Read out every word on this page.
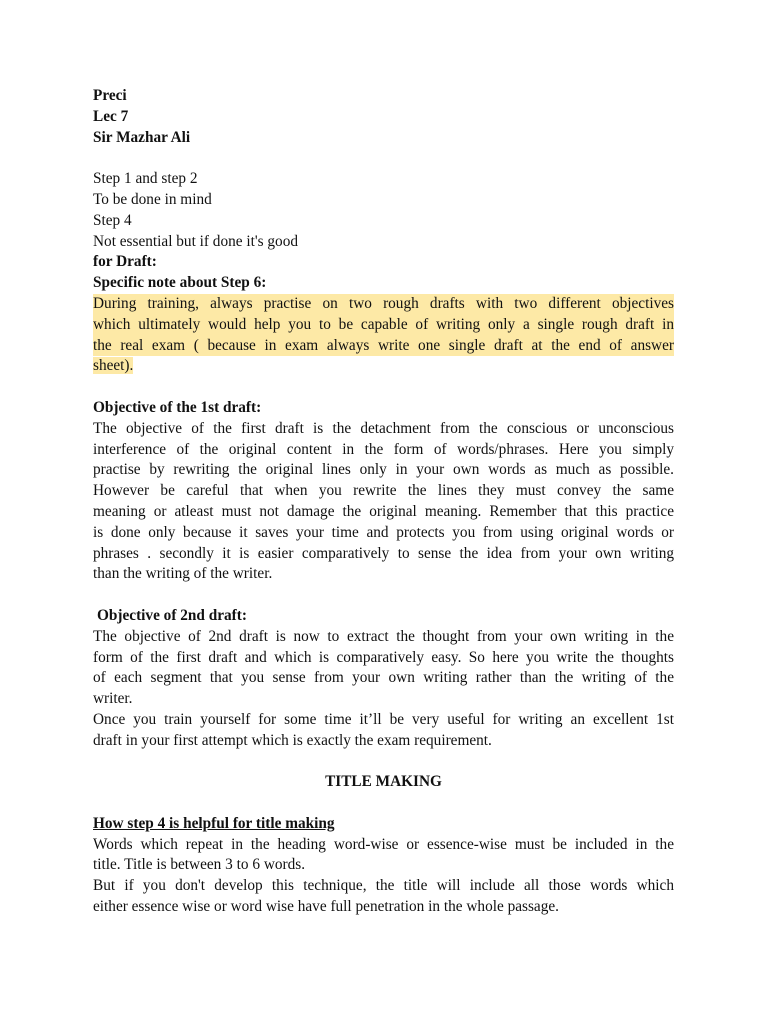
Preci
Lec 7
Sir Mazhar Ali
Step 1 and step 2
To be done in mind
Step 4
Not essential but if done it's good
for Draft:
Specific note about Step 6:
During training, always practise on two rough drafts with two different objectives
which ultimately would help you to be capable of writing only a single rough draft in
the real exam ( because in exam always write one single draft at the end of answer
sheet).
Objective of the 1st draft:
The objective of the first draft is the detachment from the conscious or unconscious
interference of the original content in the form of words/phrases. Here you simply
practise by rewriting the original lines only in your own words as much as possible.
However be careful that when you rewrite the lines they must convey the same
meaning or atleast must not damage the original meaning. Remember that this practice
is done only because it saves your time and protects you from using original words or
phrases . secondly it is easier comparatively to sense the idea from your own writing
than the writing of the writer.
Objective of 2nd draft:
The objective of 2nd draft is now to extract the thought from your own writing in the
form of the first draft and which is comparatively easy. So here you write the thoughts
of each segment that you sense from your own writing rather than the writing of the
writer.
Once you train yourself for some time it’ll be very useful for writing an excellent 1st
draft in your first attempt which is exactly the exam requirement.
TITLE MAKING
How step 4 is helpful for title making
Words which repeat in the heading word-wise or essence-wise must be included in the
title. Title is between 3 to 6 words.
But if you don't develop this technique, the title will include all those words which
either essence wise or word wise have full penetration in the whole passage.
